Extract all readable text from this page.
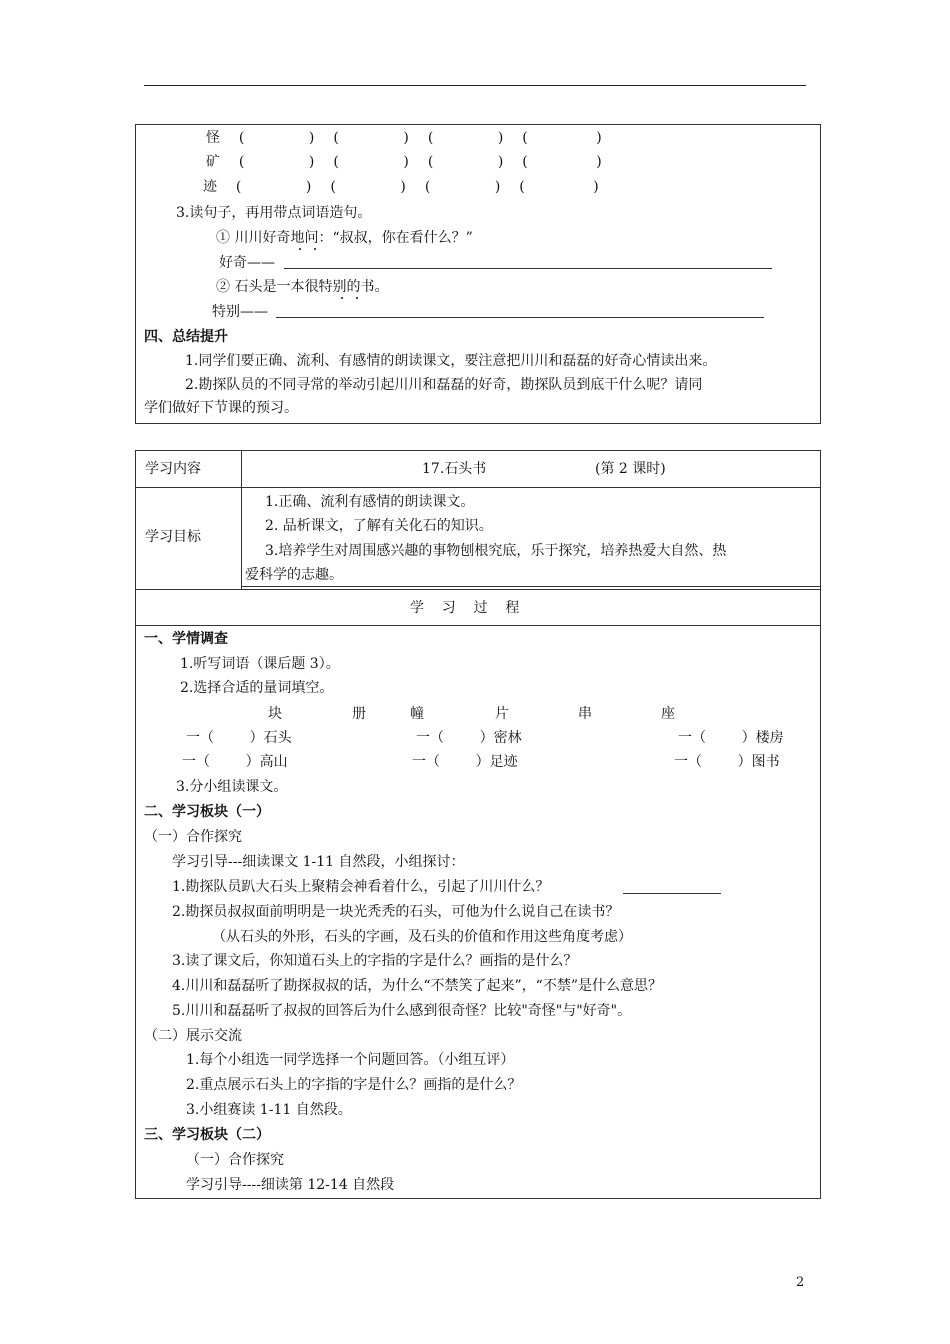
怪 (	) (	) (	) (	)
矿 (	) (	) (	) (	)
迹 (	) (	) (	) (	)
3.读句子，再用带点词语造句。
① 川川好奇地问：“叔叔，你在看什么？”
好奇——
② 石头是一本很特别的书。
特别——
四、总结提升
1.同学们要正确、流利、有感情的朗读课文，要注意把川川和磊磊的好奇心情读出来。
2.勘探队员的不同寻常的举动引起川川和磊磊的好奇，勘探队员到底干什么呢？请同
学们做好下节课的预习。
学习内容	17.石头书	(第 2 课时)
学习目标
1.正确、流利有感情的朗读课文。
2. 品析课文，了解有关化石的知识。
3.培养学生对周围感兴趣的事物刨根究底，乐于探究，培养热爱大自然、热
爱科学的志趣。
学    习    过    程
一、学情调查
1.听写词语（课后题 3）。
2.选择合适的量词填空。
块	册	幢	片	串	座
一（        ）石头	一（        ）密林	一（        ）楼房
一（        ）高山	一（        ）足迹	一（        ）图书
3.分小组读课文。
二、学习板块（一）
（一）合作探究
学习引导---细读课文 1-11 自然段，小组探讨：
1.勘探队员趴大石头上聚精会神看着什么，引起了川川什么？
2.勘探员叔叔面前明明是一块光秃秃的石头，可他为什么说自己在读书？
（从石头的外形，石头的字画，及石头的价值和作用这些角度考虑）
3.读了课文后，你知道石头上的字指的字是什么？画指的是什么？
4.川川和磊磊听了勘探叔叔的话，为什么“不禁笑了起来”，“不禁”是什么意思？
5.川川和磊磊听了叔叔的回答后为什么感到很奇怪？比较"奇怪"与"好奇"。
（二）展示交流
1.每个小组选一同学选择一个问题回答。（小组互评）
2.重点展示石头上的字指的字是什么？画指的是什么？
3.小组赛读 1-11 自然段。
三、学习板块（二）
（一）合作探究
学习引导----细读第 12-14 自然段
2
